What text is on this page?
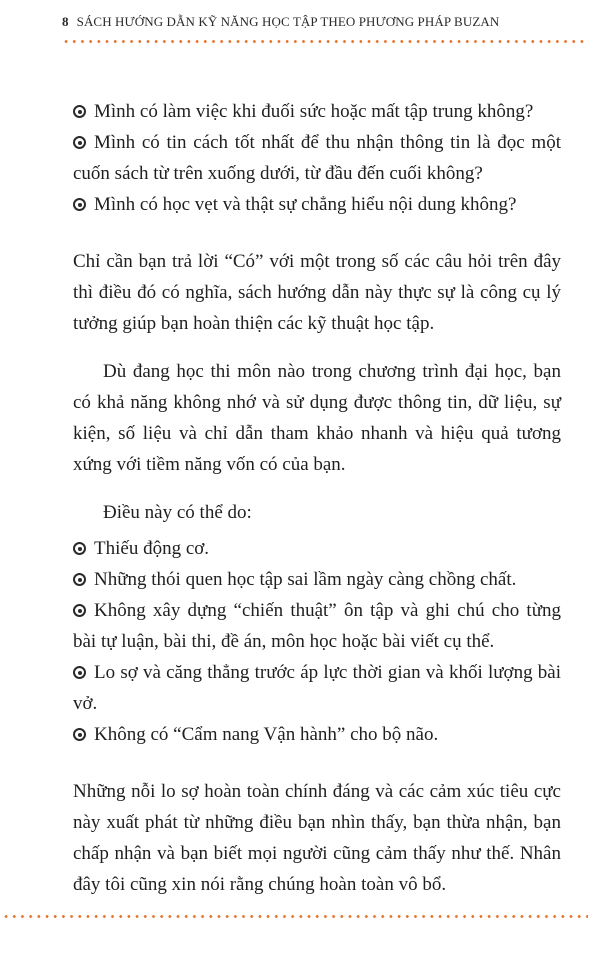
8 SÁCH HƯỚNG DẪN KỸ NĂNG HỌC TẬP THEO PHƯƠNG PHÁP BUZAN

Mình có làm việc khi đuối sức hoặc mất tập trung không?

Mình có tin cách tốt nhất để thu nhận thông tin là đọc một cuốn sách từ trên xuống dưới, từ đầu đến cuối không?

Mình có học vẹt và thật sự chẳng hiểu nội dung không?

Chỉ cần bạn trả lời “Có” với một trong số các câu hỏi trên đây thì điều đó có nghĩa, sách hướng dẫn này thực sự là công cụ lý tưởng giúp bạn hoàn thiện các kỹ thuật học tập.

Dù đang học thi môn nào trong chương trình đại học, bạn có khả năng không nhớ và sử dụng được thông tin, dữ liệu, sự kiện, số liệu và chỉ dẫn tham khảo nhanh và hiệu quả tương xứng với tiềm năng vốn có của bạn.

Điều này có thể do:

Thiếu động cơ.

Những thói quen học tập sai lầm ngày càng chồng chất.

Không xây dựng “chiến thuật” ôn tập và ghi chú cho từng bài tự luận, bài thi, đề án, môn học hoặc bài viết cụ thể.

Lo sợ và căng thẳng trước áp lực thời gian và khối lượng bài vở.

Không có “Cẩm nang Vận hành” cho bộ não.

Những nỗi lo sợ hoàn toàn chính đáng và các cảm xúc tiêu cực này xuất phát từ những điều bạn nhìn thấy, bạn thừa nhận, bạn chấp nhận và bạn biết mọi người cũng cảm thấy như thế. Nhân đây tôi cũng xin nói rằng chúng hoàn toàn vô bổ.
